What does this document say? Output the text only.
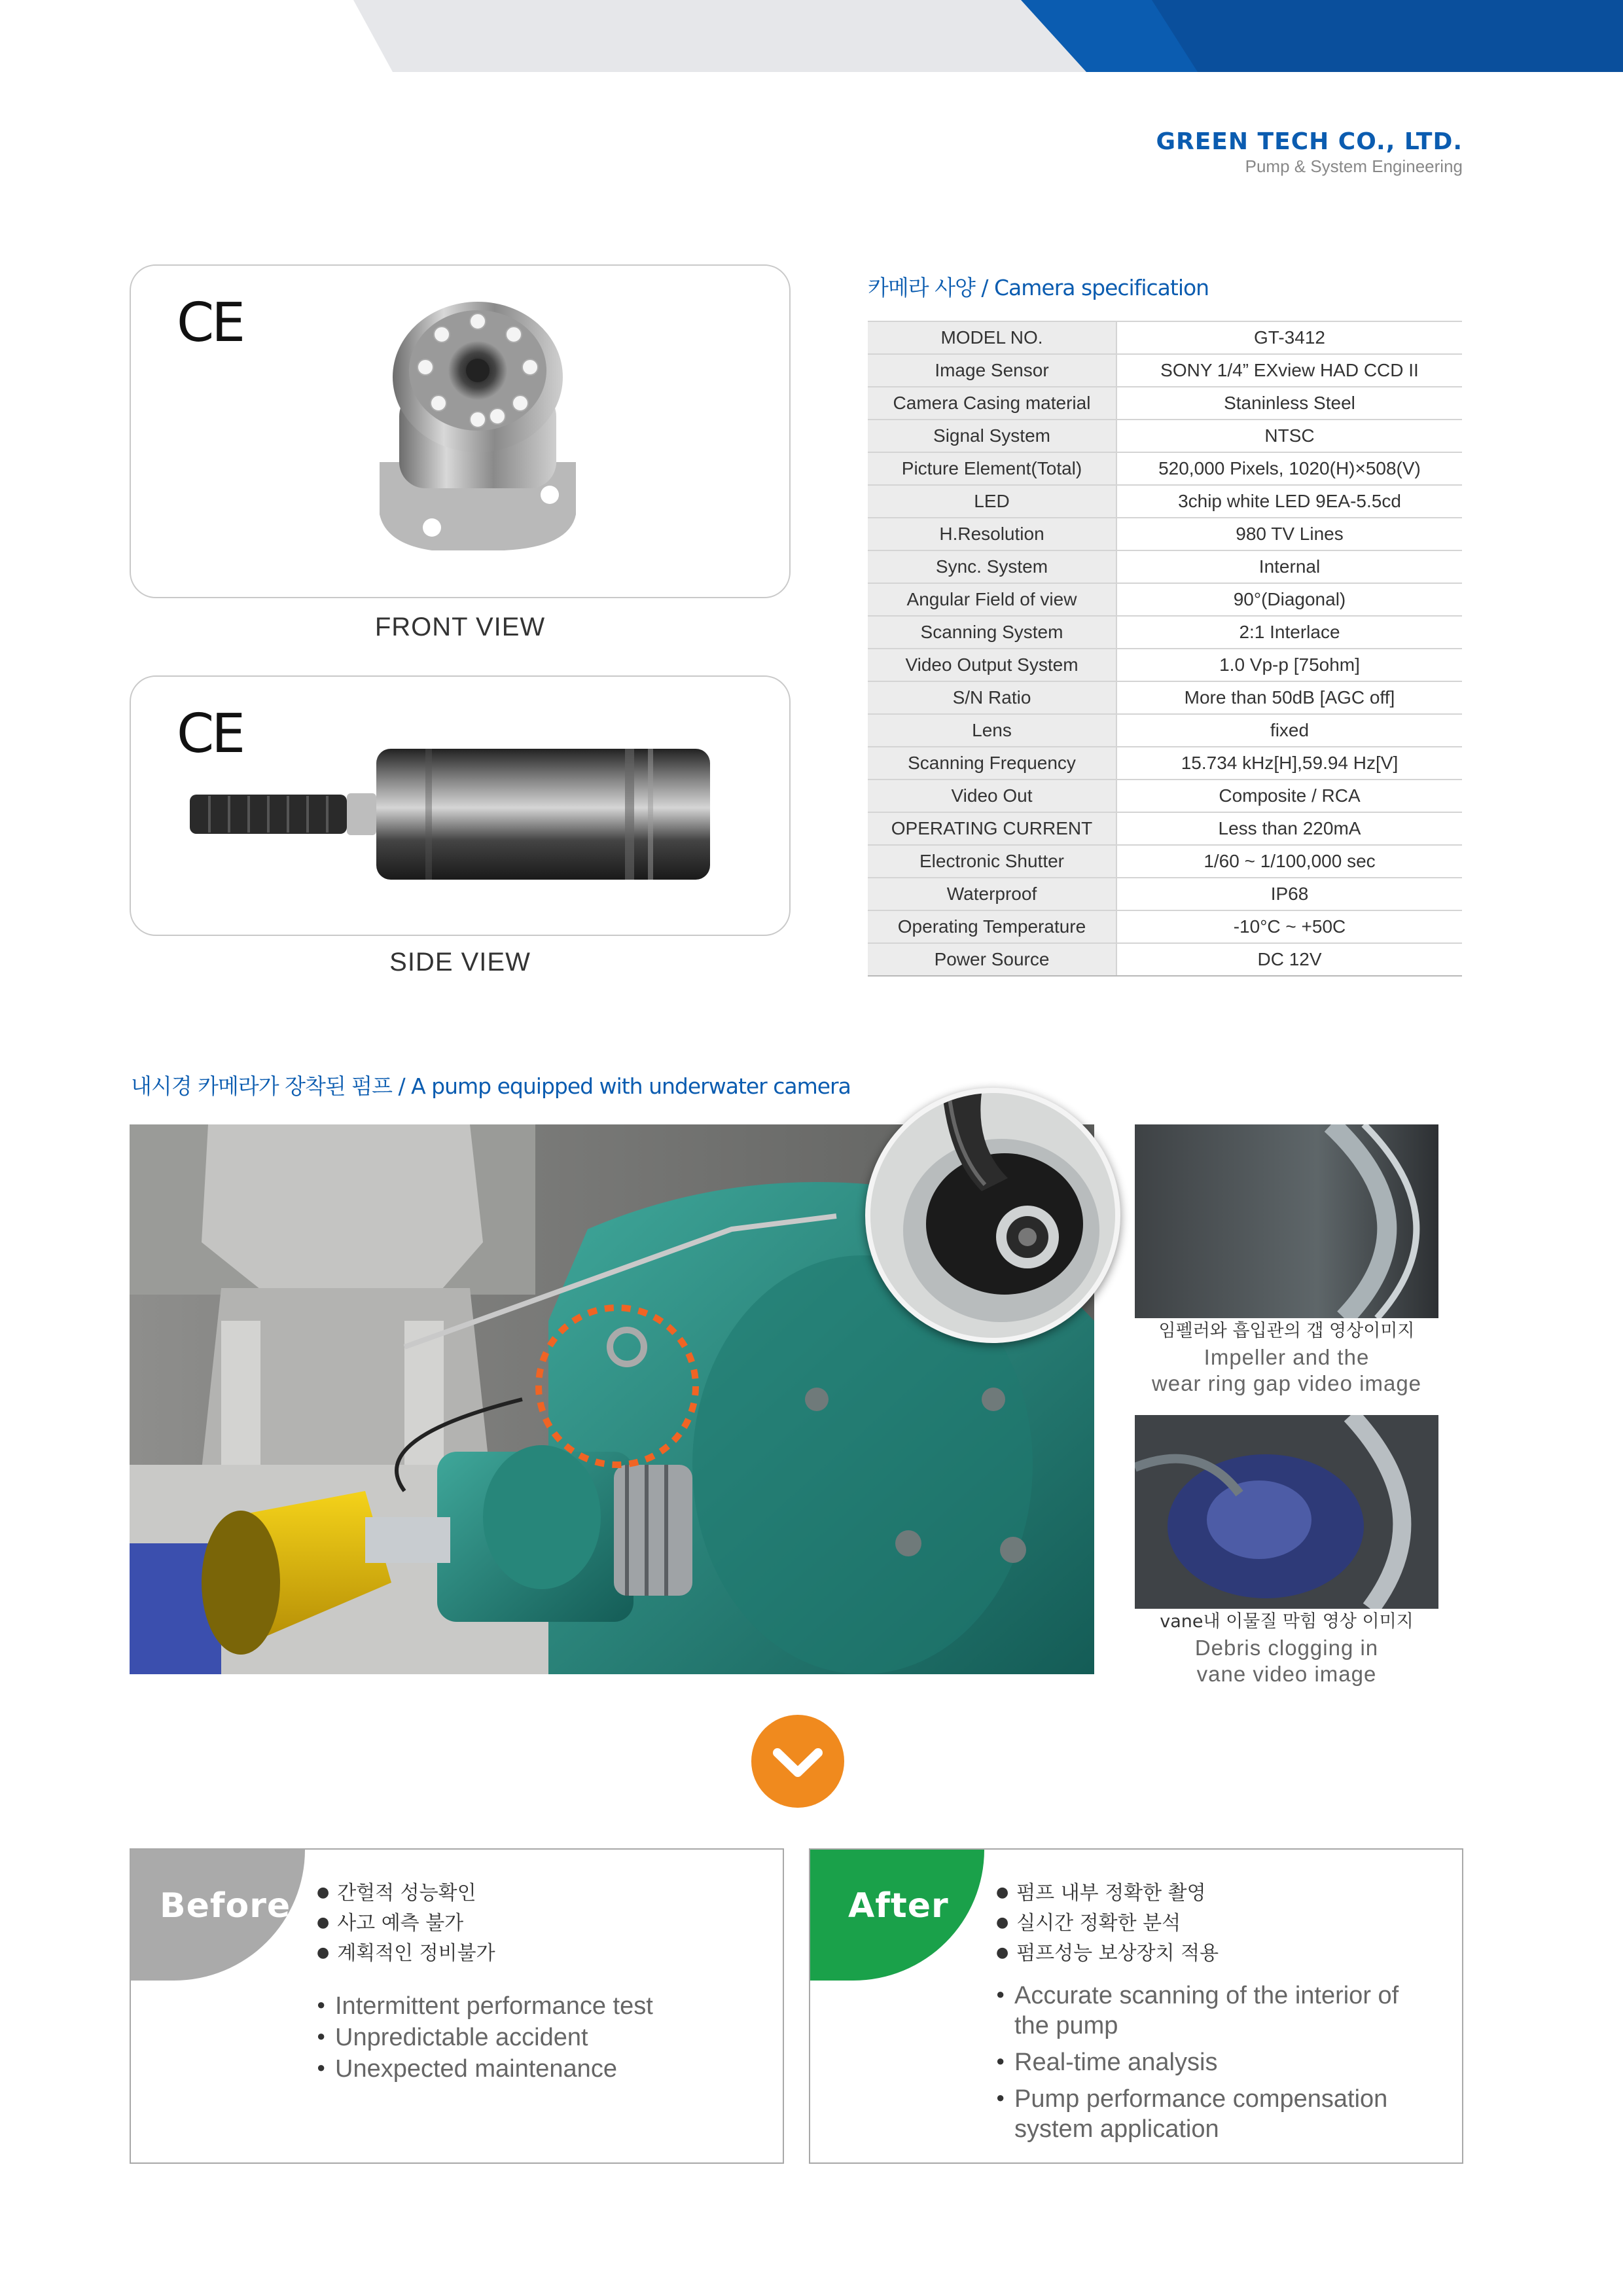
GREEN TECH CO., LTD.
Pump & System Engineering
CE
FRONT VIEW
CE
SIDE VIEW
카메라 사양 / Camera specification
MODEL NO.	GT-3412
Image Sensor	SONY 1/4” EXview HAD CCD II
Camera Casing material	Staninless Steel
Signal System	NTSC
Picture Element(Total)	520,000 Pixels, 1020(H)×508(V)
LED	3chip white LED 9EA-5.5cd
H.Resolution	980 TV Lines
Sync. System	Internal
Angular Field of view	90°(Diagonal)
Scanning System	2:1 Interlace
Video Output System	1.0 Vp-p [75ohm]
S/N Ratio	More than 50dB [AGC off]
Lens	fixed
Scanning Frequency	15.734 kHz[H],59.94 Hz[V]
Video Out	Composite / RCA
OPERATING CURRENT	Less than 220mA
Electronic Shutter	1/60 ~ 1/100,000 sec
Waterproof	IP68
Operating Temperature	-10°C ~ +50C
Power Source	DC 12V
내시경 카메라가 장착된 펌프 / A pump equipped with underwater camera
임펠러와 흡입관의 갭 영상이미지
Impeller and the
wear ring gap video image
vane내 이물질 막힘 영상 이미지
Debris clogging in
vane video image
Before	● 간헐적 성능확인
● 사고 예측 불가
● 계획적인 정비불가
● Intermittent performance test
● Unpredictable accident
● Unexpected maintenance
After	● 펌프 내부 정확한 촬영
● 실시간 정확한 분석
● 펌프성능 보상장치 적용
● Accurate scanning of the interior of
the pump
● Real-time analysis
● Pump performance compensation
system application
